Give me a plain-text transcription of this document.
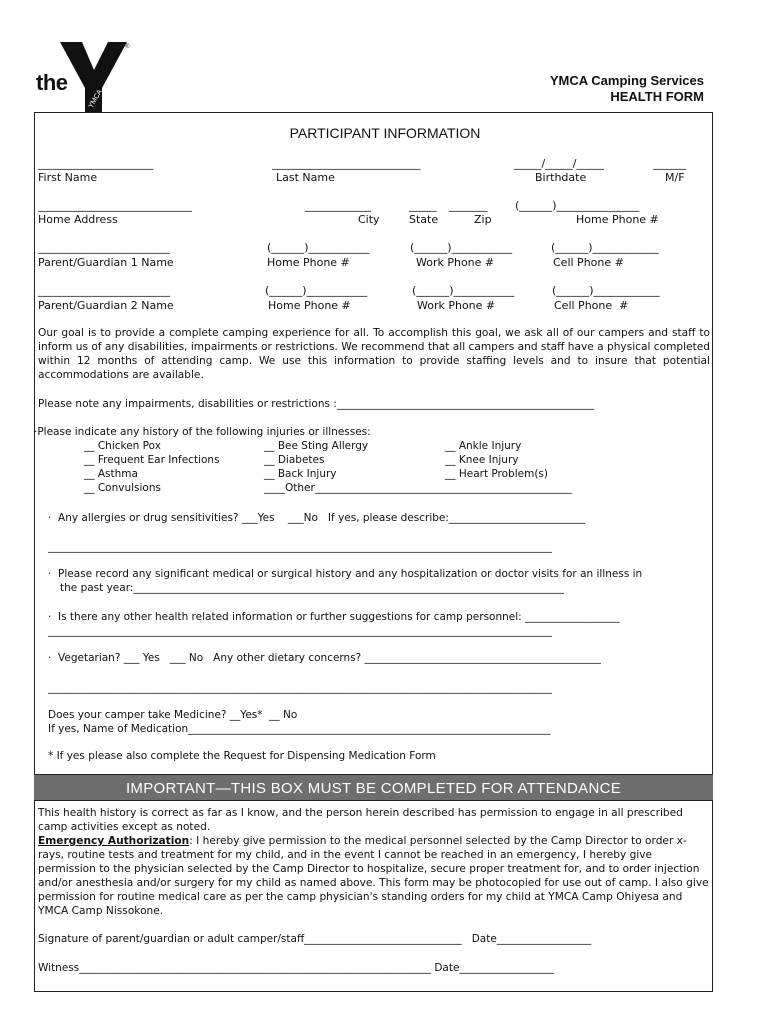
YMCA
®
the	YMCA Camping Services
HEALTH FORM
PARTICIPANT INFORMATION
_____________________	___________________________	_____/_____/_____	______
First Name	Last Name	Birthdate	M/F
____________________________	____________	_____ _______	(______)_______________
Home Address	City	State	Zip	Home Phone #
________________________	(______)___________	(______)___________	(______)____________
Parent/Guardian 1 Name	Home Phone #	Work Phone #	Cell Phone #
________________________	(______)___________	(______)___________	(______)____________
Parent/Guardian 2 Name	Home Phone #	Work Phone #	Cell Phone  #
Our goal is to provide a complete camping experience for all. To accomplish this goal, we ask all of our campers and staff to inform us of any disabilities, impairments or restrictions. We recommend that all campers and staff have a physical completed within 12 months of attending camp. We use this information to provide staffing levels and to insure that potential accommodations are available.
Please note any impairments, disabilities or restrictions :_________________________________________________
·Please indicate any history of the following injuries or illnesses:
__ Chicken Pox
__ Frequent Ear Infections
__ Asthma
__ Convulsions
__ Bee Sting Allergy
__ Diabetes
__ Back Injury
____Other_________________________________________________
__ Ankle Injury
__ Knee Injury
__ Heart Problem(s)
·  Any allergies or drug sensitivities? ___Yes    ___No   If yes, please describe:__________________________
________________________________________________________________________________________________
·  Please record any significant medical or surgical history and any hospitalization or doctor visits for an illness in
the past year:__________________________________________________________________________________
·  Is there any other health related information or further suggestions for camp personnel: __________________
________________________________________________________________________________________________
·  Vegetarian? ___ Yes   ___ No   Any other dietary concerns? _____________________________________________
________________________________________________________________________________________________
Does your camper take Medicine? __Yes*  __ No
If yes, Name of Medication_____________________________________________________________________
* If yes please also complete the Request for Dispensing Medication Form
IMPORTANT—THIS BOX MUST BE COMPLETED FOR ATTENDANCE
This health history is correct as far as I know, and the person herein described has permission to engage in all prescribed camp activities except as noted.
Emergency Authorization: I hereby give permission to the medical personnel selected by the Camp Director to order x-rays, routine tests and treatment for my child, and in the event I cannot be reached in an emergency, I hereby give permission to the physician selected by the Camp Director to hospitalize, secure proper treatment for, and to order injection and/or anesthesia and/or surgery for my child as named above. This form may be photocopied for use out of camp. I also give permission for routine medical care as per the camp physician's standing orders for my child at YMCA Camp Ohiyesa and YMCA Camp Nissokone.
Signature of parent/guardian or adult camper/staff______________________________   Date__________________
Witness___________________________________________________________________ Date__________________
